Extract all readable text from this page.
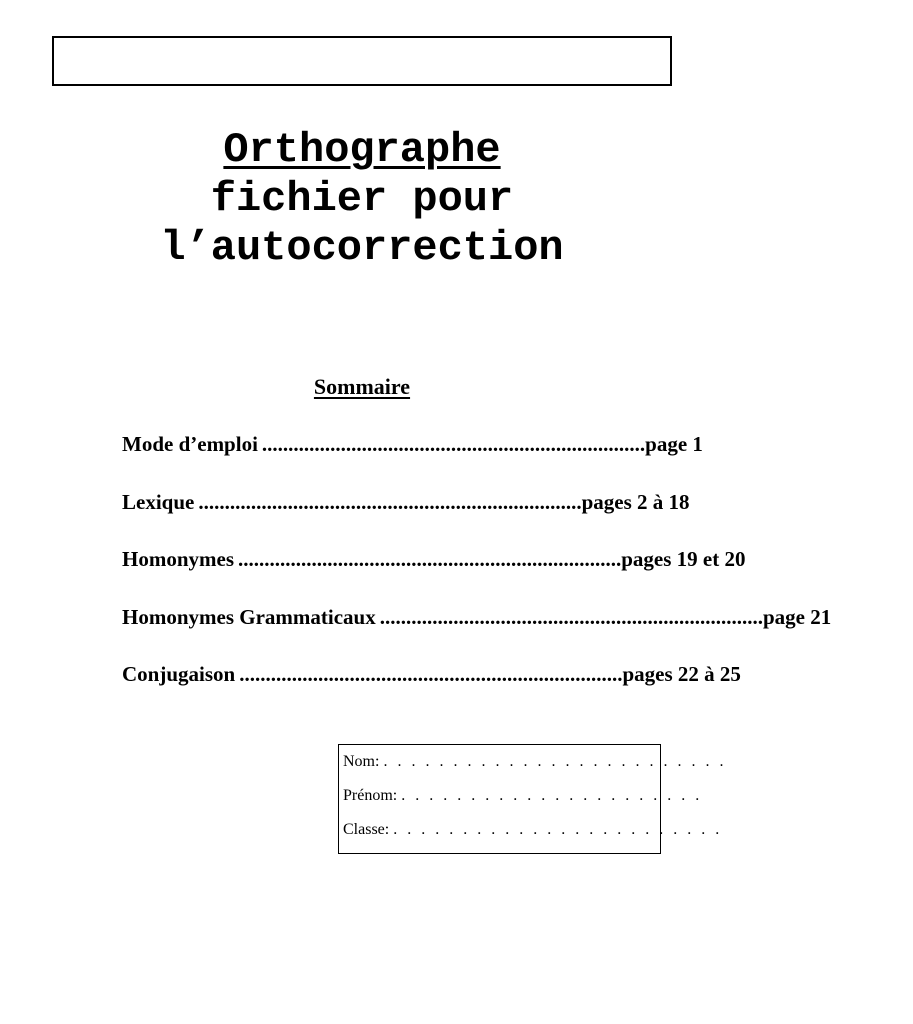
Orthographe
fichier pour
l’autocorrection
Sommaire
Mode d’emploi ......................................................................... page 1
Lexique ......................................................................... pages 2 à 18
Homonymes ......................................................................... pages 19 et 20
Homonymes Grammaticaux ......................................................................... page 21
Conjugaison ......................................................................... pages 22 à 25
Nom: . . . . . . . . . . . . . . . . . . . . . . . . .
Prénom: . . . . . . . . . . . . . . . . . . . . . .
Classe: . . . . . . . . . . . . . . . . . . . . . . . .
